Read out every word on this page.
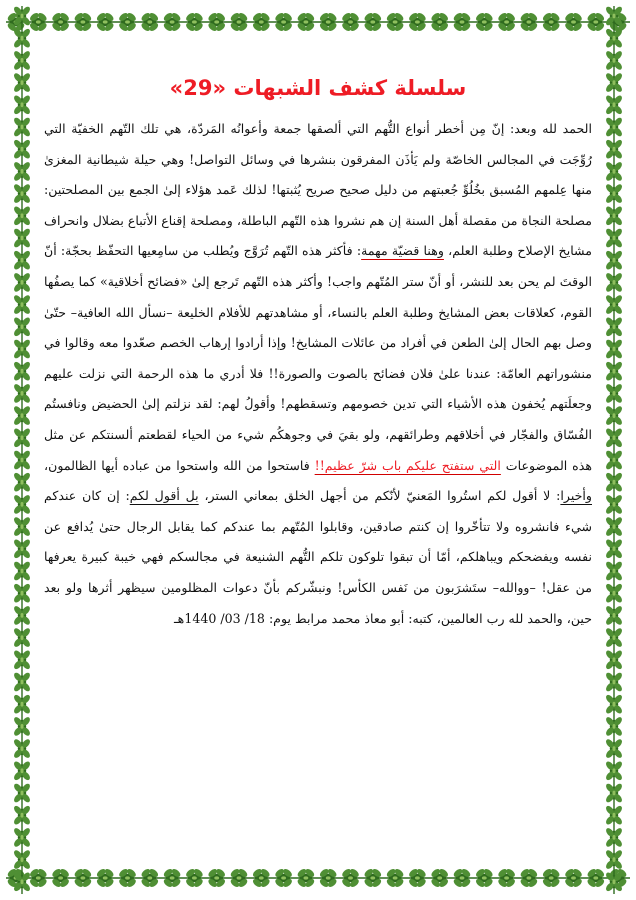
سلسلة كشف الشبهات «29»

الحمد لله وبعد: إنّ مِن أخطر أنواع التُّهم التي ألصقها جمعة وأعوانُه المَردّة، هي تلك التّهم الخفيّة التي رُوِّجَت في المجالس الخاصّة ولم يَأذَن المفرقون بنشرها في وسائل التواصل! وهي حيلة شيطانية المغزىٰ منها عِلمهم المُسبق بخُلُوِّ جُعبتهم من دليل صحيح صريح يُثبتها! لذلك عَمد هؤلاء إلىٰ الجمع بين المصلحتين: مصلحة النجاة من مقصلة أهل السنة إن هم نشروا هذه التّهم الباطلة، ومصلحة إقناع الأتباع بضلال وانحراف مشايخ الإصلاح وطلبة العلم، وهنا قضيّة مهمة: فأكثر هذه التّهم تُرَوَّج ويُطلب من سامِعيها التحفّظ بحجّة: أنّ الوقتَ لم يحن بعد للنشر، أو أنّ ستر المُتّهم واجب! وأكثر هذه التّهم تَرجع إلىٰ «فضائح أخلاقية» كما يصفُها القوم، كعلاقات بعض المشايخ وطلبة العلم بالنساء، أو مشاهدتهم للأفلام الخليعة –نسأل الله العافية– حتّىٰ وصل بهم الحال إلىٰ الطعن في أفراد من عائلات المشايخ! وإذا أرادوا إرهاب الخصم صعّدوا معه وقالوا في منشوراتهم العامّة: عندنا علىٰ فلان فضائح بالصوت والصورة!! فلا أدري ما هذه الرحمة التي نزلت عليهم وجعلَتهم يُخفون هذه الأشياء التي تدين خصومهم وتسقطهم! وأقولُ لهم: لقد نزلتم إلىٰ الحضيض ونافستُم الفُسّاق والفجّار في أخلاقهم وطرائقهم، ولو بقيَ في وجوهكُم شيء من الحياء لقطعتم ألسنتكم عن مثل هذه الموضوعات التي ستفتح عليكم باب شرّ عظيم!! فاستحوا من الله واستحوا من عباده أيها الظالمون، وأخيرا: لا أقول لكم استُروا المَعنيّ لأنّكم من أجهل الخلق بمعاني الستر، بل أقول لكم: إن كان عندكم شيء فانشروه ولا تتأخّروا إن كنتم صادقين، وقابلوا المُتّهم بما عندكم كما يقابل الرجال حتىٰ يُدافع عن نفسه ويفضحكم ويباهلكم، أمّا أن تبقوا تلوكون تلكم التُّهم الشنيعة في مجالسكم فهي خيبة كبيرة يعرفها من عقل! –ووالله– ستَشرَبون من نَفس الكأس! ونبشّركم بأنّ دعوات المظلومين سيظهر أثرها ولو بعد حين، والحمد لله رب العالمين، كتبه: أبو معاذ محمد مرابط يوم: 18/ 03/ 1440هـ
